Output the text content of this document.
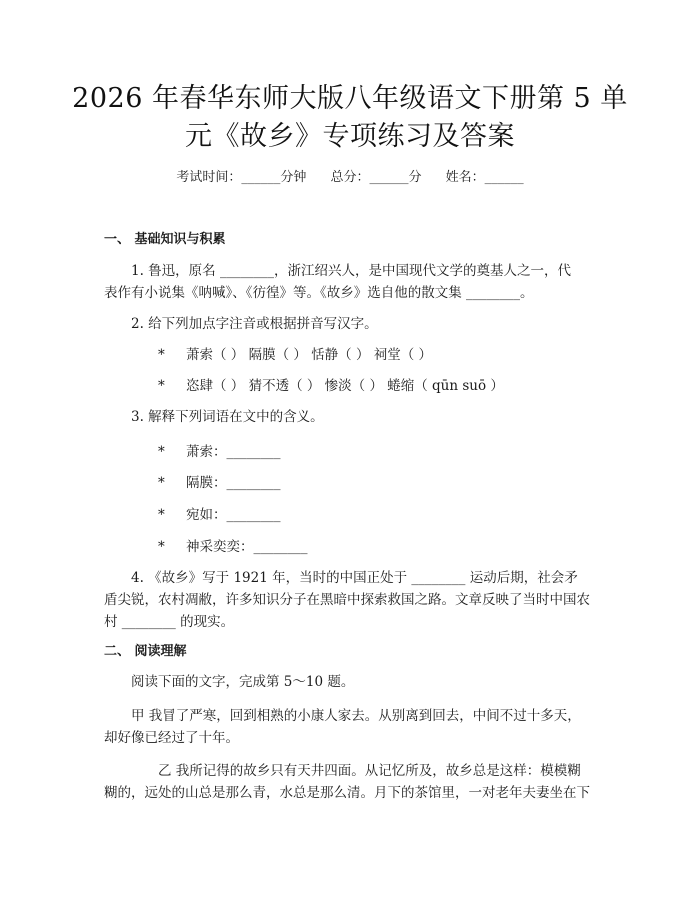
2026 年春华东师大版八年级语文下册第 5 单
元《故乡》专项练习及答案
考试时间：______分钟 总分：______分 姓名：______
一、 基础知识与积累
1. 鲁迅，原名 ________，浙江绍兴人，是中国现代文学的奠基人之一，代
表作有小说集《呐喊》、《彷徨》等。《故乡》选自他的散文集 ________。
2. 给下列加点字注音或根据拼音写汉字。
* 萧索（ ） 隔膜（ ） 恬静（ ） 祠堂（ ）
* 恣肆（ ） 猜不透（ ） 惨淡（ ） 蜷缩（ qūn suō ）
3. 解释下列词语在文中的含义。
* 萧索：________
* 隔膜：________
* 宛如：________
* 神采奕奕：________
4. 《故乡》写于 1921 年，当时的中国正处于 ________ 运动后期，社会矛
盾尖锐，农村凋敝，许多知识分子在黑暗中探索救国之路。文章反映了当时中国农
村 ________ 的现实。
二、 阅读理解
阅读下面的文字，完成第 5～10 题。
甲 我冒了严寒，回到相熟的小康人家去。从别离到回去，中间不过十多天，
却好像已经过了十年。
乙 我所记得的故乡只有天井四面。从记忆所及，故乡总是这样：模模糊
糊的，远处的山总是那么青，水总是那么清。月下的茶馆里，一对老年夫妻坐在下
